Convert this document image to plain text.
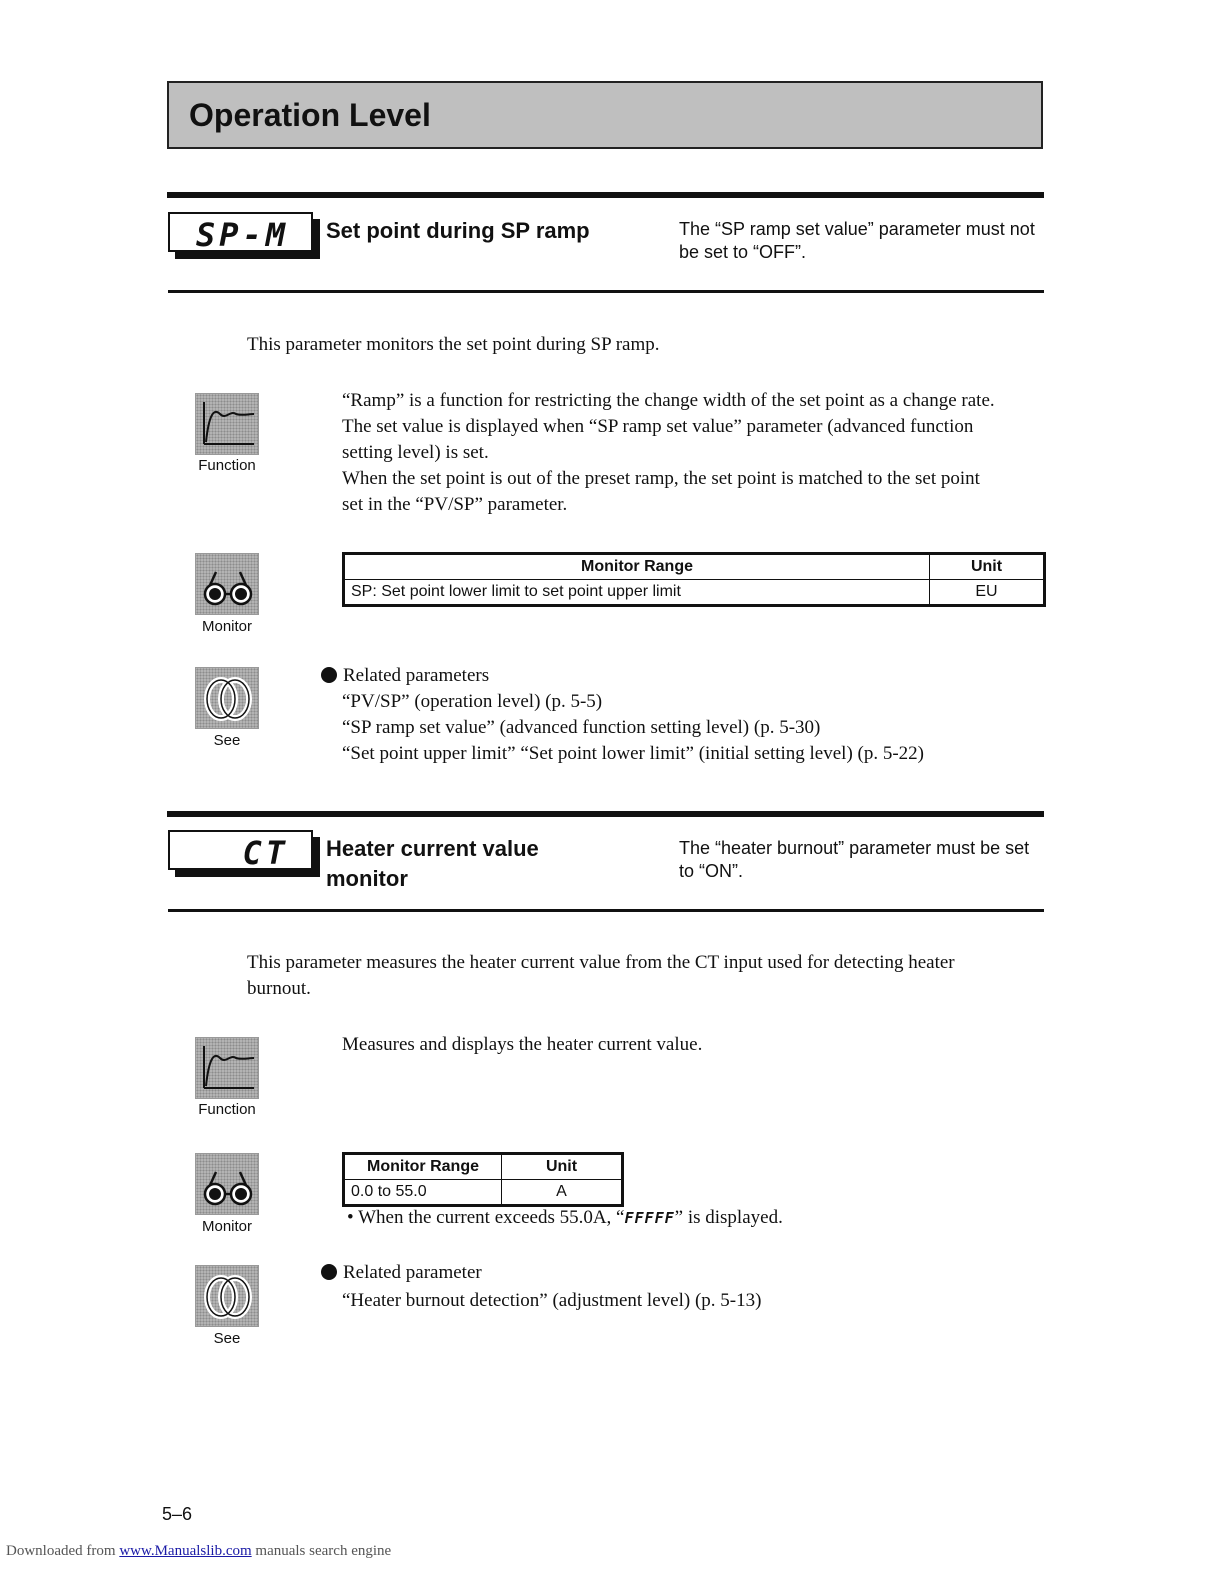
Operation Level
SP-M Set point during SP ramp	The “SP ramp set value” parameter must not be set to “OFF”.
This parameter monitors the set point during SP ramp.
Function
“Ramp” is a function for restricting the change width of the set point as a change rate.
The set value is displayed when “SP ramp set value” parameter (advanced function
setting level) is set.
When the set point is out of the preset ramp, the set point is matched to the set point
set in the “PV/SP” parameter.
Monitor
Monitor Range	Unit
SP: Set point lower limit to set point upper limit	EU
See
Related parameters
“PV/SP” (operation level) (p. 5-5)
“SP ramp set value” (advanced function setting level) (p. 5-30)
“Set point upper limit” “Set point lower limit” (initial setting level) (p. 5-22)
CT Heater current value
monitor
The “heater burnout” parameter must be set to “ON”.
This parameter measures the heater current value from the CT input used for detecting heater
burnout.
Function
Measures and displays the heater current value.
Monitor
Monitor Range	Unit
0.0 to 55.0	A
• When the current exceeds 55.0A, “FFFFF” is displayed.
See
Related parameter
“Heater burnout detection” (adjustment level) (p. 5-13)
5–6
Downloaded from www.Manualslib.com manuals search engine
